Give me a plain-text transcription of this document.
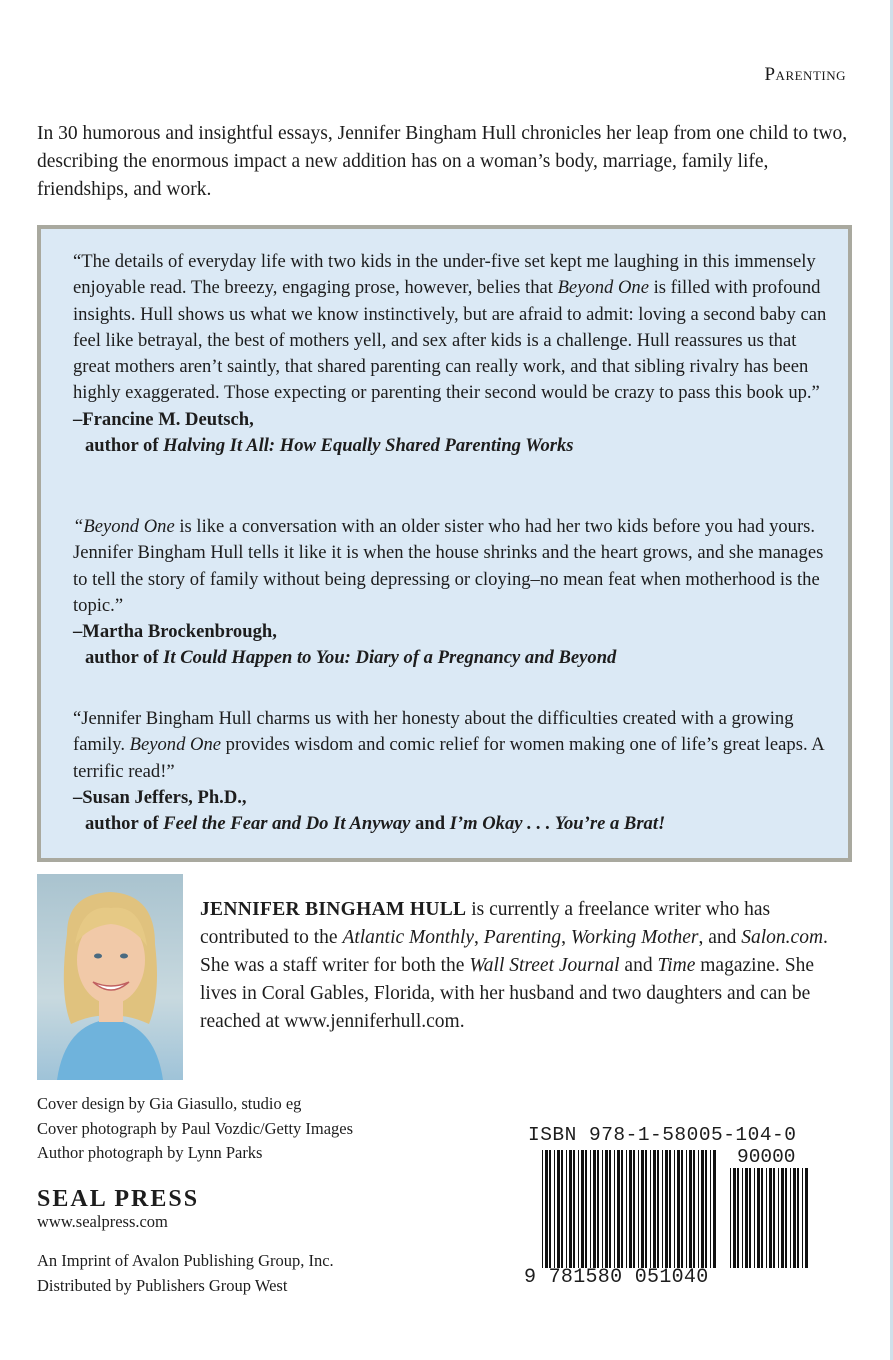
Parenting

In 30 humorous and insightful essays, Jennifer Bingham Hull chronicles her leap from one child to two, describing the enormous impact a new addition has on a woman’s body, marriage, family life, friendships, and work.

“The details of everyday life with two kids in the under-five set kept me laughing in this immensely enjoyable read. The breezy, engaging prose, however, belies that Beyond One is filled with profound insights. Hull shows us what we know instinctively, but are afraid to admit: loving a second baby can feel like betrayal, the best of mothers yell, and sex after kids is a challenge. Hull reassures us that great mothers aren’t saintly, that shared parenting can really work, and that sibling rivalry has been highly exaggerated. Those expecting or parenting their second would be crazy to pass this book up.”

–Francine M. Deutsch,
author of Halving It All: How Equally Shared Parenting Works

“Beyond One is like a conversation with an older sister who had her two kids before you had yours. Jennifer Bingham Hull tells it like it is when the house shrinks and the heart grows, and she manages to tell the story of family without being depressing or cloying–no mean feat when motherhood is the topic.”

–Martha Brockenbrough,
author of It Could Happen to You: Diary of a Pregnancy and Beyond

“Jennifer Bingham Hull charms us with her honesty about the difficulties created with a growing family. Beyond One provides wisdom and comic relief for women making one of life’s great leaps. A terrific read!”

–Susan Jeffers, Ph.D.,
author of Feel the Fear and Do It Anyway and I’m Okay . . . You’re a Brat!

JENNIFER BINGHAM HULL is currently a freelance writer who has contributed to the Atlantic Monthly, Parenting, Working Mother, and Salon.com. She was a staff writer for both the Wall Street Journal and Time magazine. She lives in Coral Gables, Florida, with her husband and two daughters and can be reached at www.jenniferhull.com.

Cover design by Gia Giasullo, studio eg
Cover photograph by Paul Vozdic/Getty Images
Author photograph by Lynn Parks
SEAL PRESS
www.sealpress.com
An Imprint of Avalon Publishing Group, Inc.
Distributed by Publishers Group West
ISBN 978-1-58005-104-0
90000
9 781580 051040
